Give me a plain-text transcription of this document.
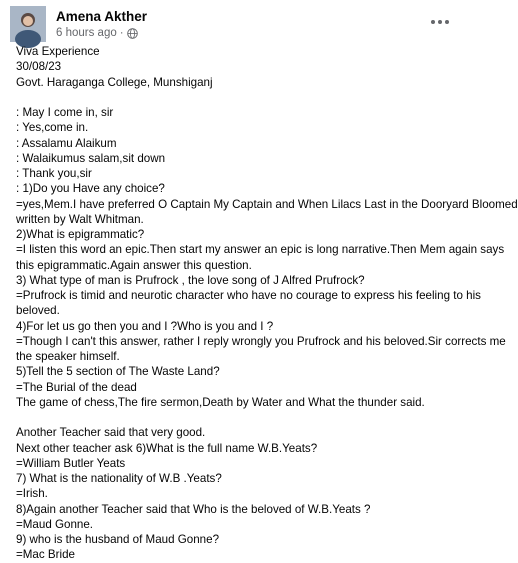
Amena Akther
6 hours ago ·
Viva Experience
30/08/23
Govt. Haraganga College, Munshiganj
: May I come in, sir
: Yes,come in.
: Assalamu Alaikum
: Walaikumus salam,sit down
: Thank you,sir
: 1)Do you Have any choice?
=yes,Mem.I have preferred O Captain My Captain and When Lilacs Last in the Dooryard Bloomed
written by Walt Whitman.
2)What is epigrammatic?
=I listen this word an epic.Then start my answer an epic is long narrative.Then Mem again says
this epigrammatic.Again answer this question.
3) What type of man is Prufrock , the love song of J Alfred Prufrock?
=Prufrock is timid and neurotic character who have no courage to express his feeling to his
beloved.
4)For let us go then you and I ?Who is you and I ?
=Though I can't this answer, rather I reply wrongly you Prufrock and his beloved.Sir corrects me
the speaker himself.
5)Tell the 5 section of The Waste Land?
=The Burial of the dead
The game of chess,The fire sermon,Death by Water and What the thunder said.
Another Teacher said that very good.
Next other teacher ask 6)What is the full name W.B.Yeats?
=William Butler Yeats
7) What is the nationality of W.B .Yeats?
=Irish.
8)Again another Teacher said that Who is the beloved of W.B.Yeats ?
=Maud Gonne.
9) who is the husband of Maud Gonne?
=Mac Bride
